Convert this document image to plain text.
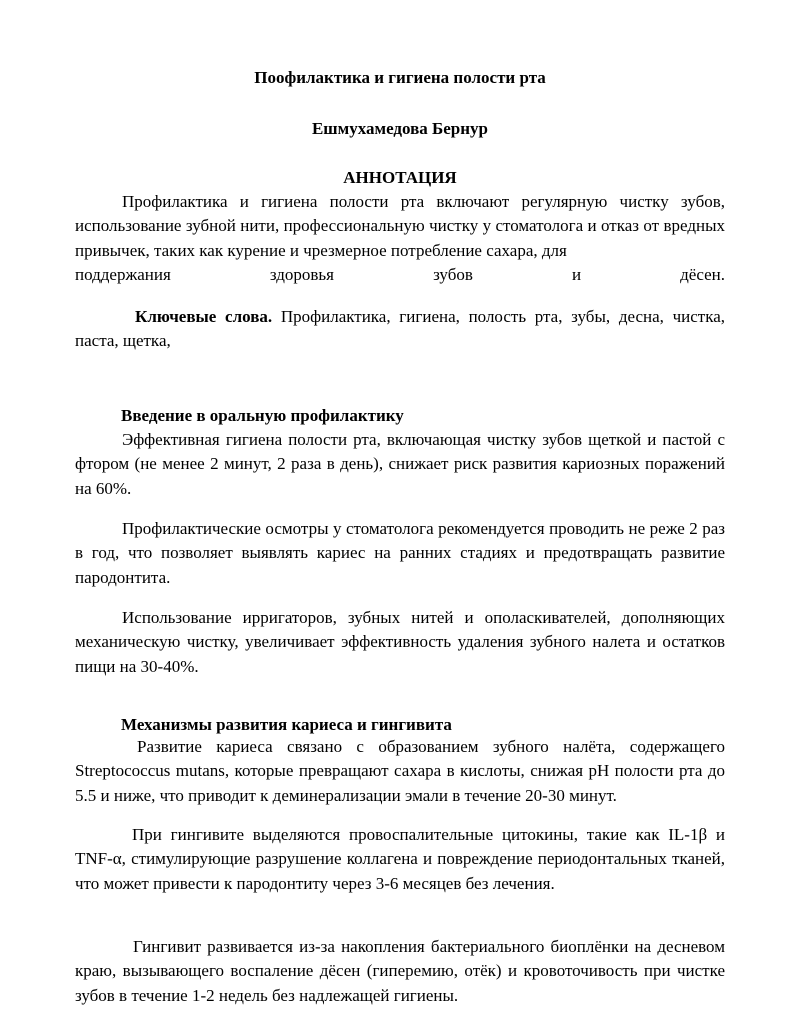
Поофилактика и гигиена полости рта
Ешмухамедова Бернур
АННОТАЦИЯ
Профилактика и гигиена полости рта включают регулярную чистку зубов, использование зубной нити, профессиональную чистку у стоматолога и отказ от вредных привычек, таких как курение и чрезмерное потребление сахара, для
поддержания здоровья зубов и дёсен.
Ключевые слова. Профилактика, гигиена, полость рта, зубы, десна, чистка, паста, щетка,
Введение в оральную профилактику
Эффективная гигиена полости рта, включающая чистку зубов щеткой и пастой с фтором (не менее 2 минут, 2 раза в день), снижает риск развития кариозных поражений на 60%.
Профилактические осмотры у стоматолога рекомендуется проводить не реже 2 раз в год, что позволяет выявлять кариес на ранних стадиях и предотвращать развитие пародонтита.
Использование ирригаторов, зубных нитей и ополаскивателей, дополняющих механическую чистку, увеличивает эффективность удаления зубного налета и остатков пищи на 30-40%.
Механизмы развития кариеса и гингивита
Развитие кариеса связано с образованием зубного налёта, содержащего Streptococcus mutans, которые превращают сахара в кислоты, снижая pH полости рта до 5.5 и ниже, что приводит к деминерализации эмали в течение 20-30 минут.
При гингивите выделяются провоспалительные цитокины, такие как IL-1β и TNF-α, стимулирующие разрушение коллагена и повреждение периодонтальных тканей, что может привести к пародонтиту через 3-6 месяцев без лечения.
Гингивит развивается из-за накопления бактериального биоплёнки на десневом краю, вызывающего воспаление дёсен (гиперемию, отёк) и кровоточивость при чистке зубов в течение 1-2 недель без надлежащей гигиены.
